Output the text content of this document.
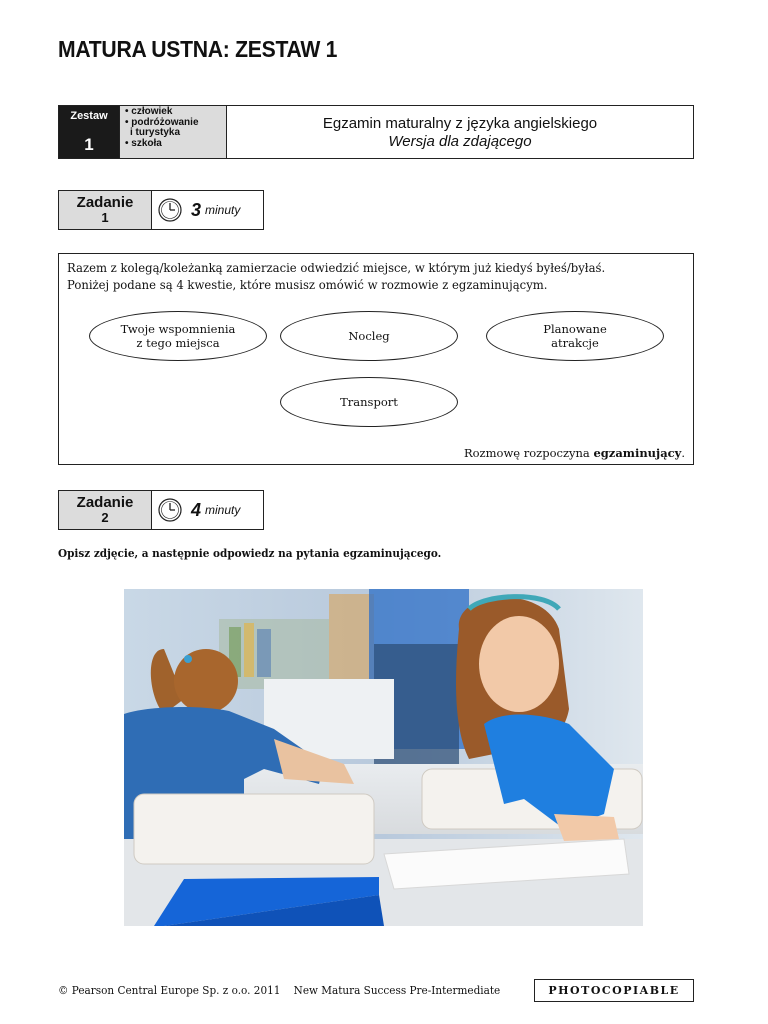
MATURA USTNA: ZESTAW 1
Zestaw
1
• człowiek
• podróżowanie
i turystyka
• szkoła
Egzamin maturalny z języka angielskiego
Wersja dla zdającego
Zadanie
1	3 minuty
Razem z kolegą/koleżanką zamierzacie odwiedzić miejsce, w którym już kiedyś byłeś/byłaś.
Poniżej podane są 4 kwestie, które musisz omówić w rozmowie z egzaminującym.
Twoje wspomnienia
z tego miejsca	Nocleg	Planowane
atrakcje
Transport
Rozmowę rozpoczyna egzaminujący.
Zadanie
2	4 minuty
Opisz zdjęcie, a następnie odpowiedz na pytania egzaminującego.
© Pearson Central Europe Sp. z o.o. 2011    New Matura Success Pre-Intermediate	PHOTOCOPIABLE
